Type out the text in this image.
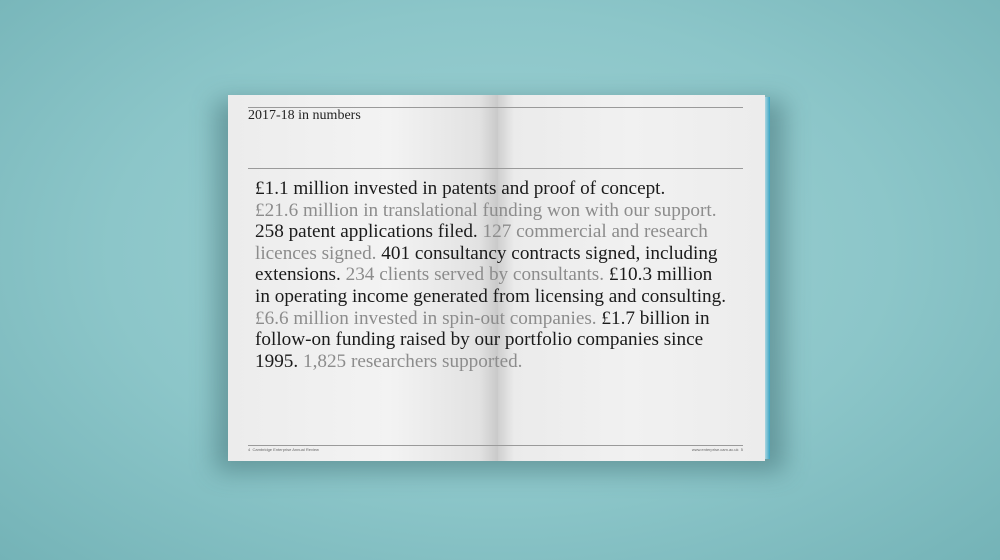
2017-18 in numbers
4 Cambridge Enterprise Annual Review	www.enterprise.cam.ac.uk 5
£1.1 million invested in patents and proof of concept.
£21.6 million in translational funding won with our support.
258 patent applications filed. 127 commercial and research
licences signed. 401 consultancy contracts signed, including
extensions. 234 clients served by consultants. £10.3 million
in operating income generated from licensing and consulting.
£6.6 million invested in spin-out companies. £1.7 billion in
follow-on funding raised by our portfolio companies since
1995. 1,825 researchers supported.
